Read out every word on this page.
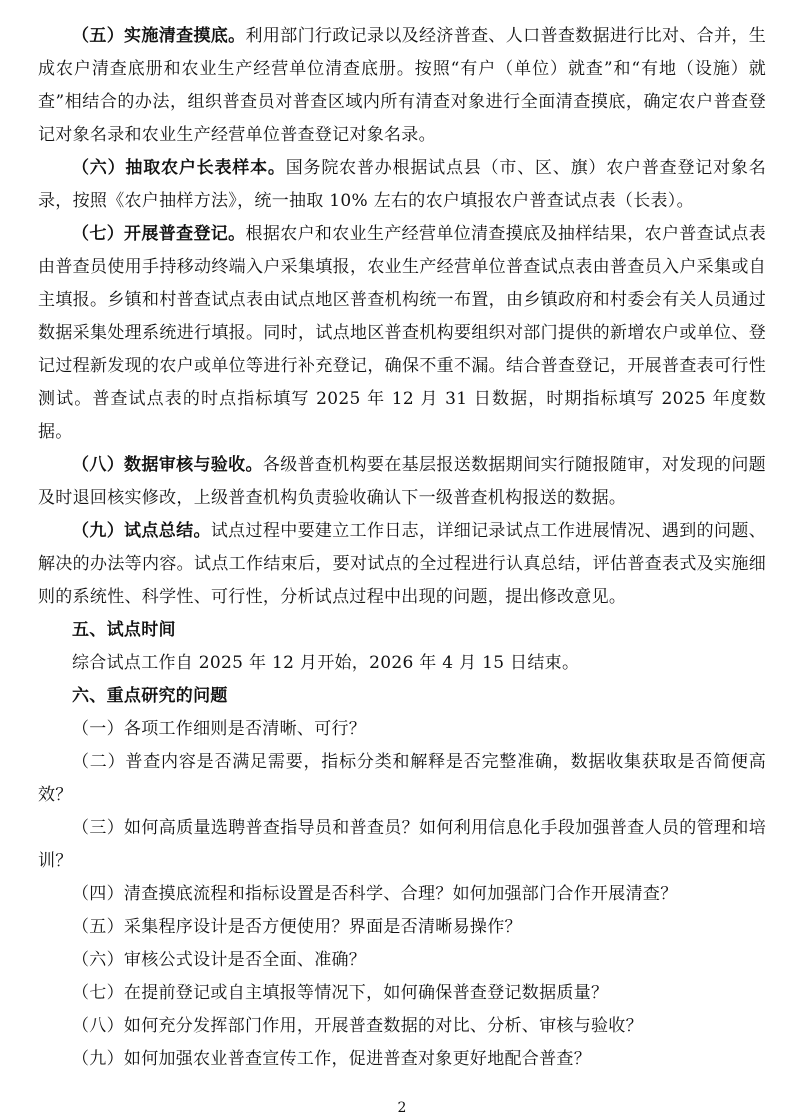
（五）实施清查摸底。利用部门行政记录以及经济普查、人口普查数据进行比对、合并，生成农户清查底册和农业生产经营单位清查底册。按照“有户（单位）就查”和“有地（设施）就查”相结合的办法，组织普查员对普查区域内所有清查对象进行全面清查摸底，确定农户普查登记对象名录和农业生产经营单位普查登记对象名录。

（六）抽取农户长表样本。国务院农普办根据试点县（市、区、旗）农户普查登记对象名录，按照《农户抽样方法》，统一抽取 10% 左右的农户填报农户普查试点表（长表）。

（七）开展普查登记。根据农户和农业生产经营单位清查摸底及抽样结果，农户普查试点表由普查员使用手持移动终端入户采集填报，农业生产经营单位普查试点表由普查员入户采集或自主填报。乡镇和村普查试点表由试点地区普查机构统一布置，由乡镇政府和村委会有关人员通过数据采集处理系统进行填报。同时，试点地区普查机构要组织对部门提供的新增农户或单位、登记过程新发现的农户或单位等进行补充登记，确保不重不漏。结合普查登记，开展普查表可行性测试。普查试点表的时点指标填写 2025 年 12 月 31 日数据，时期指标填写 2025 年度数据。

（八）数据审核与验收。各级普查机构要在基层报送数据期间实行随报随审，对发现的问题及时退回核实修改，上级普查机构负责验收确认下一级普查机构报送的数据。

（九）试点总结。试点过程中要建立工作日志，详细记录试点工作进展情况、遇到的问题、解决的办法等内容。试点工作结束后，要对试点的全过程进行认真总结，评估普查表式及实施细则的系统性、科学性、可行性，分析试点过程中出现的问题，提出修改意见。

五、试点时间

综合试点工作自 2025 年 12 月开始，2026 年 4 月 15 日结束。

六、重点研究的问题

（一）各项工作细则是否清晰、可行？

（二）普查内容是否满足需要，指标分类和解释是否完整准确，数据收集获取是否简便高效？

（三）如何高质量选聘普查指导员和普查员？如何利用信息化手段加强普查人员的管理和培训？

（四）清查摸底流程和指标设置是否科学、合理？如何加强部门合作开展清查？

（五）采集程序设计是否方便使用？界面是否清晰易操作？

（六）审核公式设计是否全面、准确？

（七）在提前登记或自主填报等情况下，如何确保普查登记数据质量？

（八）如何充分发挥部门作用，开展普查数据的对比、分析、审核与验收？

（九）如何加强农业普查宣传工作，促进普查对象更好地配合普查？

2
